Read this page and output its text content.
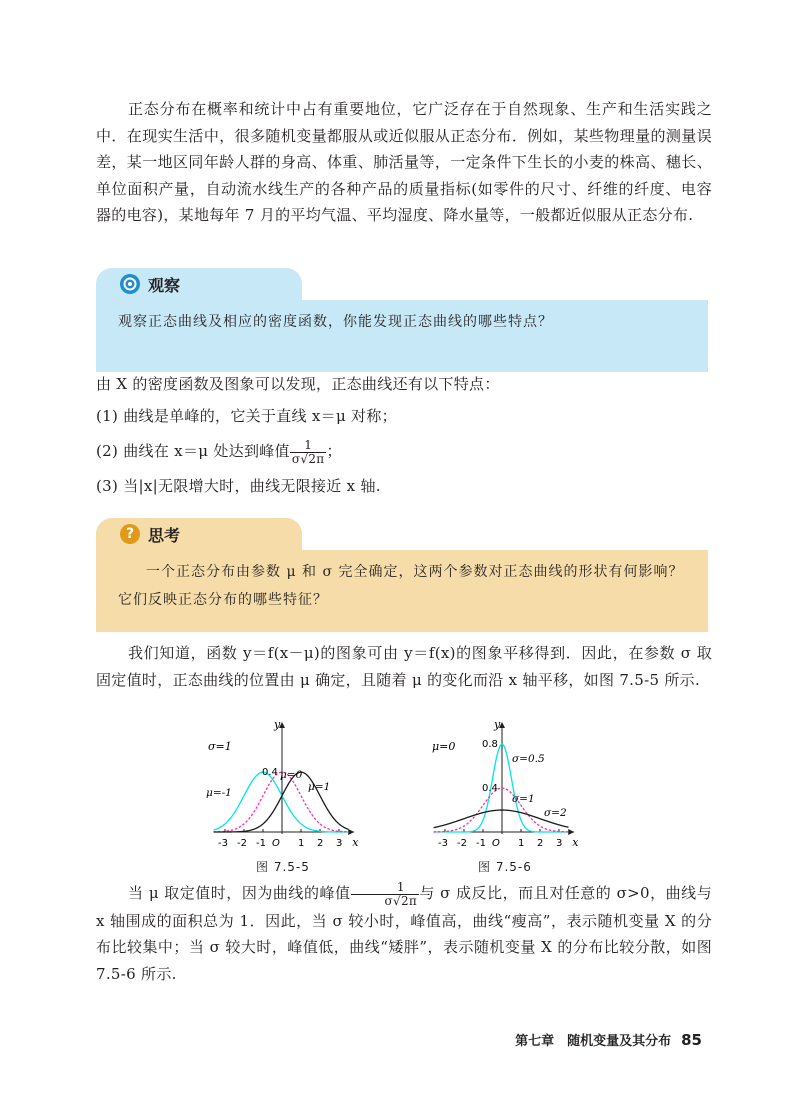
正态分布在概率和统计中占有重要地位，它广泛存在于自然现象、生产和生活实践之中．在现实生活中，很多随机变量都服从或近似服从正态分布．例如，某些物理量的测量误差，某一地区同年龄人群的身高、体重、肺活量等，一定条件下生长的小麦的株高、穗长、单位面积产量，自动流水线生产的各种产品的质量指标(如零件的尺寸、纤维的纤度、电容器的电容)，某地每年 7 月的平均气温、平均湿度、降水量等，一般都近似服从正态分布.

观察
观察正态曲线及相应的密度函数，你能发现正态曲线的哪些特点？

由 X 的密度函数及图象可以发现，正态曲线还有以下特点：

(1) 曲线是单峰的，它关于直线 x＝μ 对称；

(2) 曲线在 x＝μ 处达到峰值 $\frac{1}{\sigma√2\pi}$ ；

(3) 当|x|无限增大时，曲线无限接近 x 轴.

? 思考
一个正态分布由参数 μ 和 σ 完全确定，这两个参数对正态曲线的形状有何影响？它们反映正态分布的哪些特征？

我们知道，函数 y＝f(x－μ)的图象可由 y＝f(x)的图象平移得到．因此，在参数 σ 取固定值时，正态曲线的位置由 μ 确定，且随着 μ 的变化而沿 x 轴平移，如图 7.5-5 所示.

x
y
-3 -2 -1 O 1 2 3
0.4
σ=1
μ=-1
μ=0
μ=1
图 7.5-5
x
y
-3 -2 -1 O 1 2 3
0.8
0.4
μ=0
σ=0.5
σ=1
σ=2
图 7.5-6

当 μ 取定值时，因为曲线的峰值 $\frac{1}{\sigma√2\pi}$ 与 σ 成反比，而且对任意的 σ>0，曲线与 x 轴围成的面积总为 1．因此，当 σ 较小时，峰值高，曲线“瘦高”，表示随机变量 X 的分布比较集中；当 σ 较大时，峰值低，曲线“矮胖”，表示随机变量 X 的分布比较分散，如图 7.5-6 所示.

第七章　随机变量及其分布 85
